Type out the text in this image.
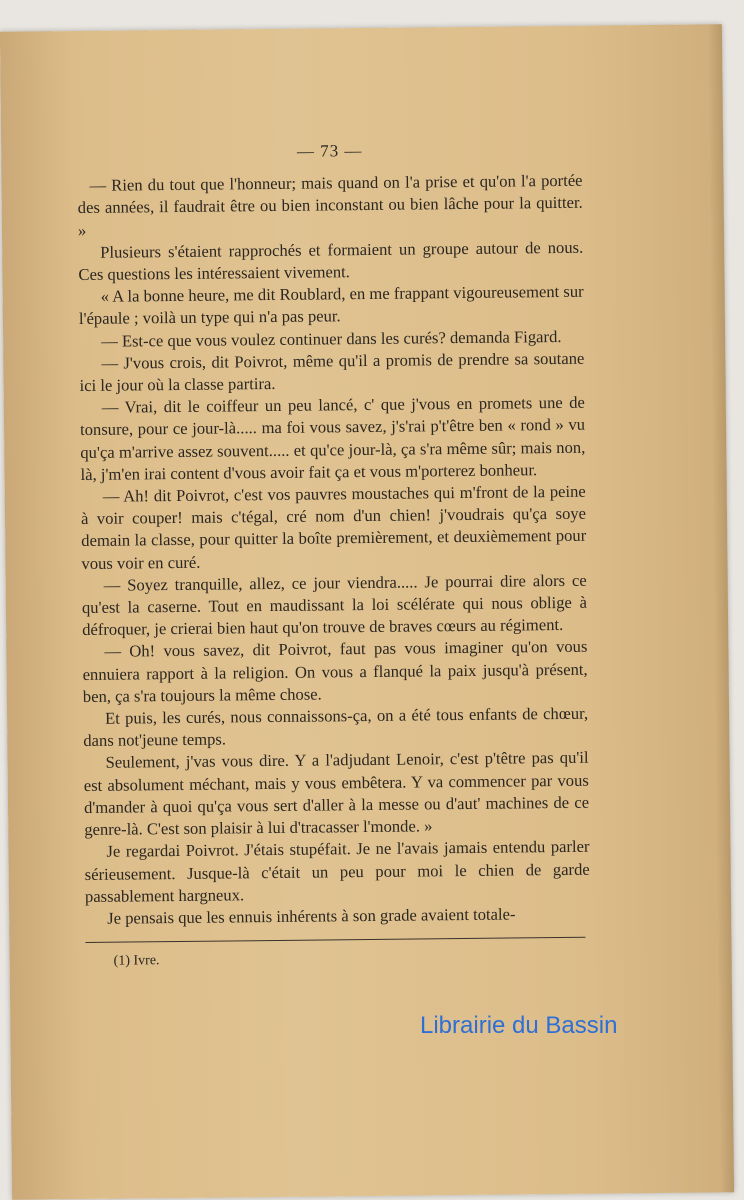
— 73 —

— Rien du tout que l'honneur; mais quand on l'a prise et qu'on l'a portée des années, il faudrait être ou bien inconstant ou bien lâche pour la quitter. »

Plusieurs s'étaient rapprochés et formaient un groupe autour de nous. Ces questions les intéressaient vivement.

« A la bonne heure, me dit Roublard, en me frappant vigoureusement sur l'épaule ; voilà un type qui n'a pas peur.

— Est-ce que vous voulez continuer dans les curés? demanda Figard.

— J'vous crois, dit Poivrot, même qu'il a promis de prendre sa soutane ici le jour où la classe partira.

— Vrai, dit le coiffeur un peu lancé, c' que j'vous en promets une de tonsure, pour ce jour-là..... ma foi vous savez, j's'rai p't'être ben « rond » vu qu'ça m'arrive assez souvent..... et qu'ce jour-là, ça s'ra même sûr; mais non, là, j'm'en irai content d'vous avoir fait ça et vous m'porterez bonheur.

— Ah! dit Poivrot, c'est vos pauvres moustaches qui m'front de la peine à voir couper! mais c'tégal, cré nom d'un chien! j'voudrais qu'ça soye demain la classe, pour quitter la boîte premièrement, et deuxièmement pour vous voir en curé.

— Soyez tranquille, allez, ce jour viendra..... Je pourrai dire alors ce qu'est la caserne. Tout en maudissant la loi scélérate qui nous oblige à défroquer, je crierai bien haut qu'on trouve de braves cœurs au régiment.

— Oh! vous savez, dit Poivrot, faut pas vous imaginer qu'on vous ennuiera rapport à la religion. On vous a flanqué la paix jusqu'à présent, ben, ça s'ra toujours la même chose.

Et puis, les curés, nous connaissons-ça, on a été tous enfants de chœur, dans not'jeune temps.

Seulement, j'vas vous dire. Y a l'adjudant Lenoir, c'est p'têtre pas qu'il est absolument méchant, mais y vous embêtera. Y va commencer par vous d'mander à quoi qu'ça vous sert d'aller à la messe ou d'aut' machines de ce genre-là. C'est son plaisir à lui d'tracasser l'monde. »

Je regardai Poivrot. J'étais stupéfait. Je ne l'avais jamais entendu parler sérieusement. Jusque-là c'était un peu pour moi le chien de garde passablement hargneux.

Je pensais que les ennuis inhérents à son grade avaient totale-

(1) Ivre.
Librairie du Bassin
